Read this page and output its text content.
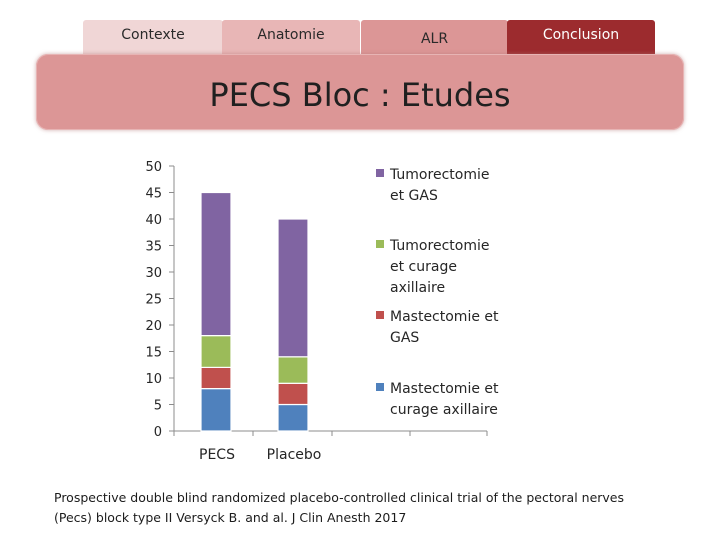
Contexte	Anatomie	ALR	Conclusion
PECS Bloc : Etudes
0
5
10
15
20
25
30
35
40
45
50
PECS Placebo
Tumorectomie
et GAS
Tumorectomie
et curage
axillaire
Mastectomie et
GAS
Mastectomie et
curage axillaire
Prospective double blind randomized placebo-controlled clinical trial of the pectoral nerves
(Pecs) block type II Versyck B. and al. J Clin Anesth 2017
